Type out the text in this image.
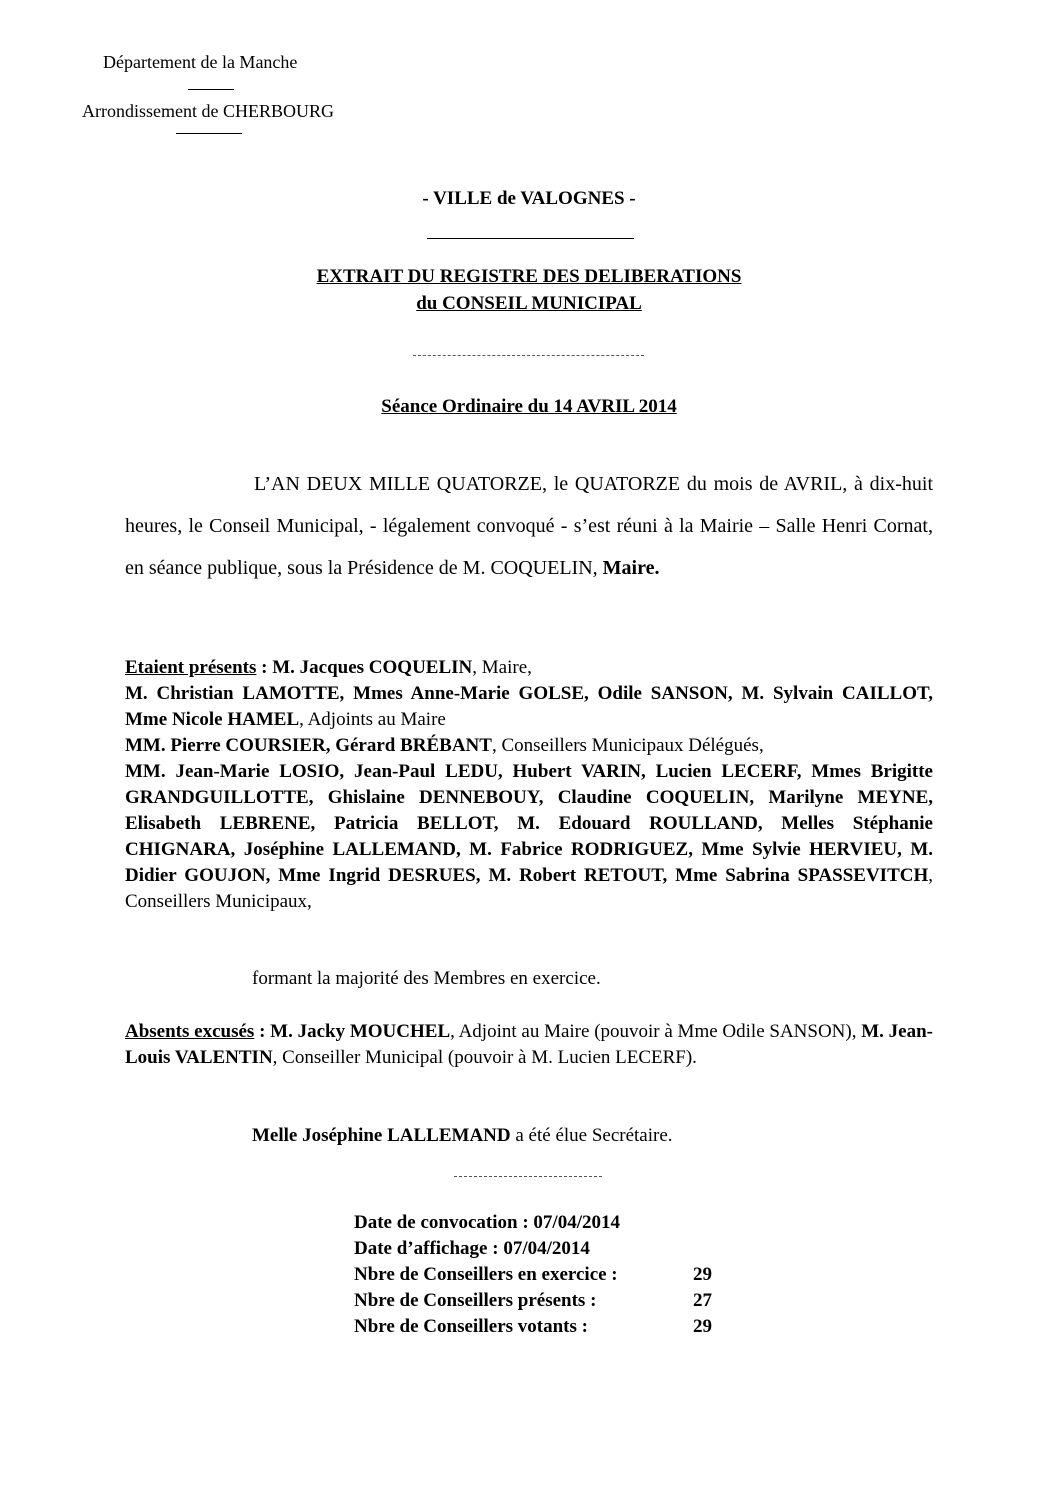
Département de la Manche
Arrondissement de CHERBOURG
- VILLE de VALOGNES -
EXTRAIT DU REGISTRE DES DELIBERATIONS
du CONSEIL MUNICIPAL
Séance Ordinaire du 14 AVRIL 2014
L’AN DEUX MILLE QUATORZE, le QUATORZE du mois de AVRIL, à dix-huit heures, le Conseil Municipal, - légalement convoqué - s’est réuni à la Mairie – Salle Henri Cornat, en séance publique, sous la Présidence de M. COQUELIN, Maire.
Etaient présents : M. Jacques COQUELIN, Maire,
M. Christian LAMOTTE, Mmes Anne-Marie GOLSE, Odile SANSON, M. Sylvain CAILLOT, Mme Nicole HAMEL, Adjoints au Maire
MM. Pierre COURSIER, Gérard BRÉBANT, Conseillers Municipaux Délégués,
MM. Jean-Marie LOSIO, Jean-Paul LEDU, Hubert VARIN, Lucien LECERF, Mmes Brigitte GRANDGUILLOTTE, Ghislaine DENNEBOUY, Claudine COQUELIN, Marilyne MEYNE, Elisabeth LEBRENE, Patricia BELLOT, M. Edouard ROULLAND, Melles Stéphanie CHIGNARA, Joséphine LALLEMAND, M. Fabrice RODRIGUEZ, Mme Sylvie HERVIEU, M. Didier GOUJON, Mme Ingrid DESRUES, M. Robert RETOUT, Mme Sabrina SPASSEVITCH, Conseillers Municipaux,
formant la majorité des Membres en exercice.
Absents excusés : M. Jacky MOUCHEL, Adjoint au Maire (pouvoir à Mme Odile SANSON), M. Jean-Louis VALENTIN, Conseiller Municipal (pouvoir à M. Lucien LECERF).
Melle Joséphine LALLEMAND a été élue Secrétaire.
Date de convocation : 07/04/2014
Date d’affichage : 07/04/2014
Nbre de Conseillers en exercice :	29
Nbre de Conseillers présents :	27
Nbre de Conseillers votants :	29
